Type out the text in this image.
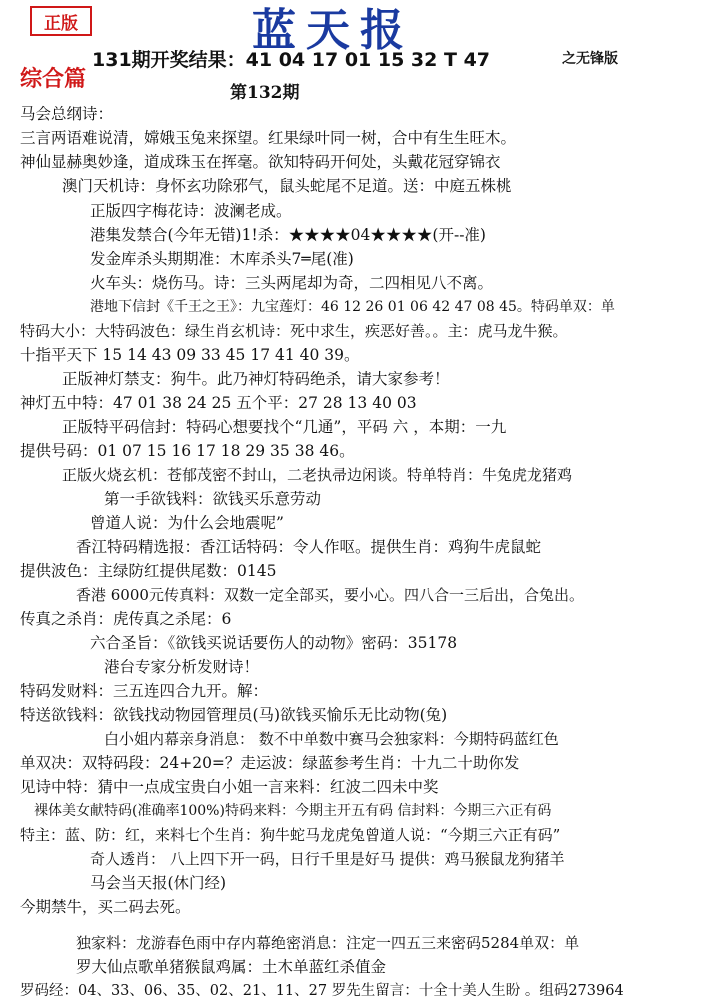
正版	蓝天报
131期开奖结果：41 04 17 01 15 32 T 47	之无锋版
综合篇
第132期
马会总纲诗：
三言两语难说清，嫦娥玉兔来探望。红果绿叶同一树，合中有生生旺木。
神仙显赫奥妙逢，道成珠玉在挥毫。欲知特码开何处，头戴花冠穿锦衣
澳门天机诗：身怀玄功除邪气，鼠头蛇尾不足道。送：中庭五株桃
正版四字梅花诗：波澜老成。
港集发禁合(今年无错)1!杀：★★★★04★★★★(开--准)
发金库杀头期期准：木库杀头7═尾(准)
火车头：烧伤马。诗：三头两尾却为奇，二四相见八不离。
港地下信封《千王之王》：九宝莲灯：46 12 26 01 06 42 47 08 45。特码单双：单
特码大小：大特码波色：绿生肖玄机诗：死中求生，疾恶好善。。主：虎马龙牛猴。
十指平天下 15 14 43 09 33 45 17 41 40 39。
正版神灯禁支：狗牛。此乃神灯特码绝杀，请大家参考！
神灯五中特：47 01 38 24 25 五个平：27 28 13 40 03
正版特平码信封：特码心想要找个“几通”，平码 六 ，本期：一九
提供号码：01 07 15 16 17 18 29 35 38 46。
正版火烧玄机：苍郁茂密不封山，二老执帚边闲谈。特单特肖：牛兔虎龙猪鸡
第一手欲钱料：欲钱买乐意劳动
曾道人说：为什么会地震呢”
香江特码精选报：香江话特码：令人作呕。提供生肖：鸡狗牛虎鼠蛇
提供波色：主绿防红提供尾数：0145
香港 6000元传真料：双数一定全部买，要小心。四八合一三后出，合兔出。
传真之杀肖：虎传真之杀尾：6
六合圣旨：《欲钱买说话要伤人的动物》密码：35178
港台专家分析发财诗！
特码发财料：三五连四合九开。解：
特送欲钱料：欲钱找动物园管理员(马)欲钱买愉乐无比动物(兔)
白小姐内幕亲身消息： 数不中单数中赛马会独家料：今期特码蓝红色
单双决：双特码段：24+20=？走运波：绿蓝参考生肖：十九二十助你发
见诗中特：猜中一点成宝贵白小姐一言来料：红波二四未中奖
裸体美女献特码(准确率100%)特码来料：今期主开五有码 信封料：今期三六正有码
特主：蓝、防：红，来料七个生肖：狗牛蛇马龙虎兔曾道人说：“今期三六正有码”
奇人透肖： 八上四下开一码，日行千里是好马 提供：鸡马猴鼠龙狗猪羊
马会当天报(休门经)
今期禁牛，买二码去死。
独家料：龙游春色雨中存内幕绝密消息：注定一四五三来密码5284单双：单
罗大仙点歌单猪猴鼠鸡属：土木单蓝红杀值金
罗码经：04、33、06、35、02、21、11、27 罗先生留言：十全十美人生盼 。组码273964
